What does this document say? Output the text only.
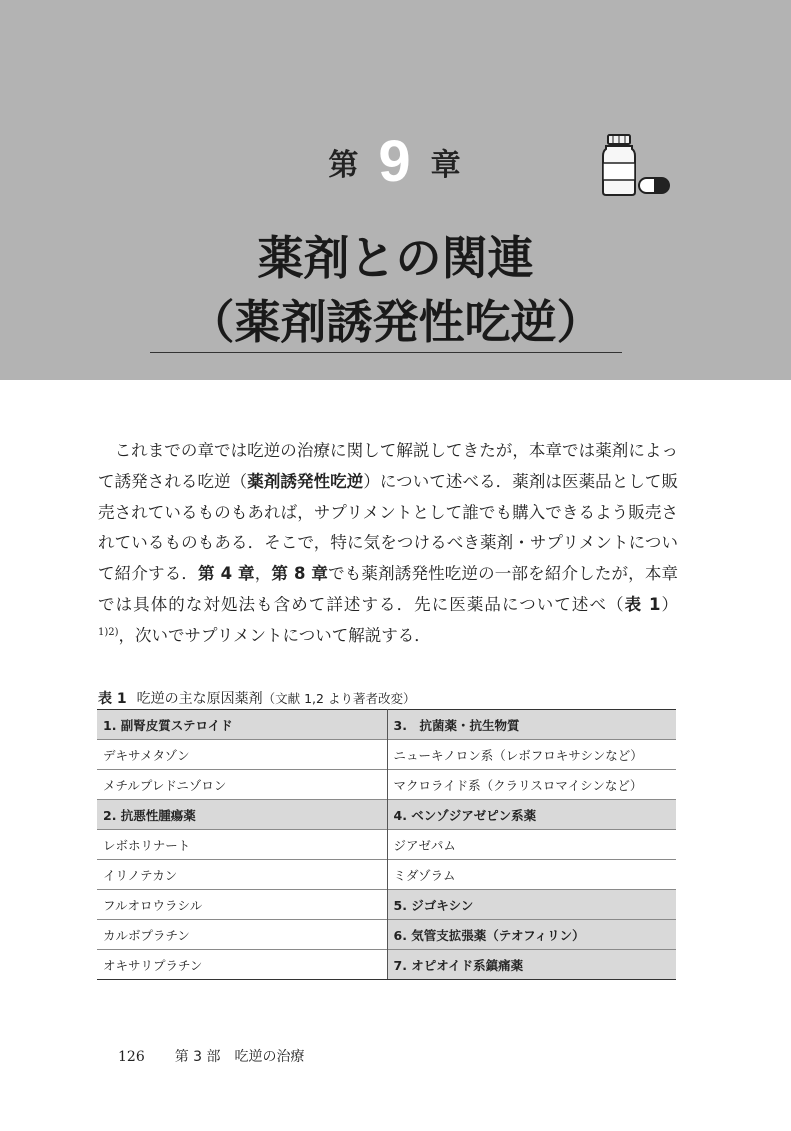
第 9 章
薬剤との関連
（薬剤誘発性吃逆）
 これまでの章では吃逆の治療に関して解説してきたが，本章では薬剤によって誘発される吃逆（薬剤誘発性吃逆）について述べる．薬剤は医薬品として販売されているものもあれば，サプリメントとして誰でも購入できるよう販売されているものもある．そこで，特に気をつけるべき薬剤・サプリメントについて紹介する．第 4 章，第 8 章でも薬剤誘発性吃逆の一部を紹介したが，本章では具体的な対処法も含めて詳述する．先に医薬品について述べ（表 1）$^{1)2)}$，次いでサプリメントについて解説する．
表 1 吃逆の主な原因薬剤（文献 1,2 より著者改変）
1. 副腎皮質ステロイド	3.　抗菌薬・抗生物質
デキサメタゾン	ニューキノロン系（レボフロキサシンなど）
メチルプレドニゾロン	マクロライド系（クラリスロマイシンなど）
2. 抗悪性腫瘍薬	4. ベンゾジアゼピン系薬
レボホリナート	ジアゼパム
イリノテカン	ミダゾラム
フルオロウラシル	5. ジゴキシン
カルボプラチン	6. 気管支拡張薬（テオフィリン）
オキサリプラチン	7. オピオイド系鎮痛薬
126 第 3 部　吃逆の治療
